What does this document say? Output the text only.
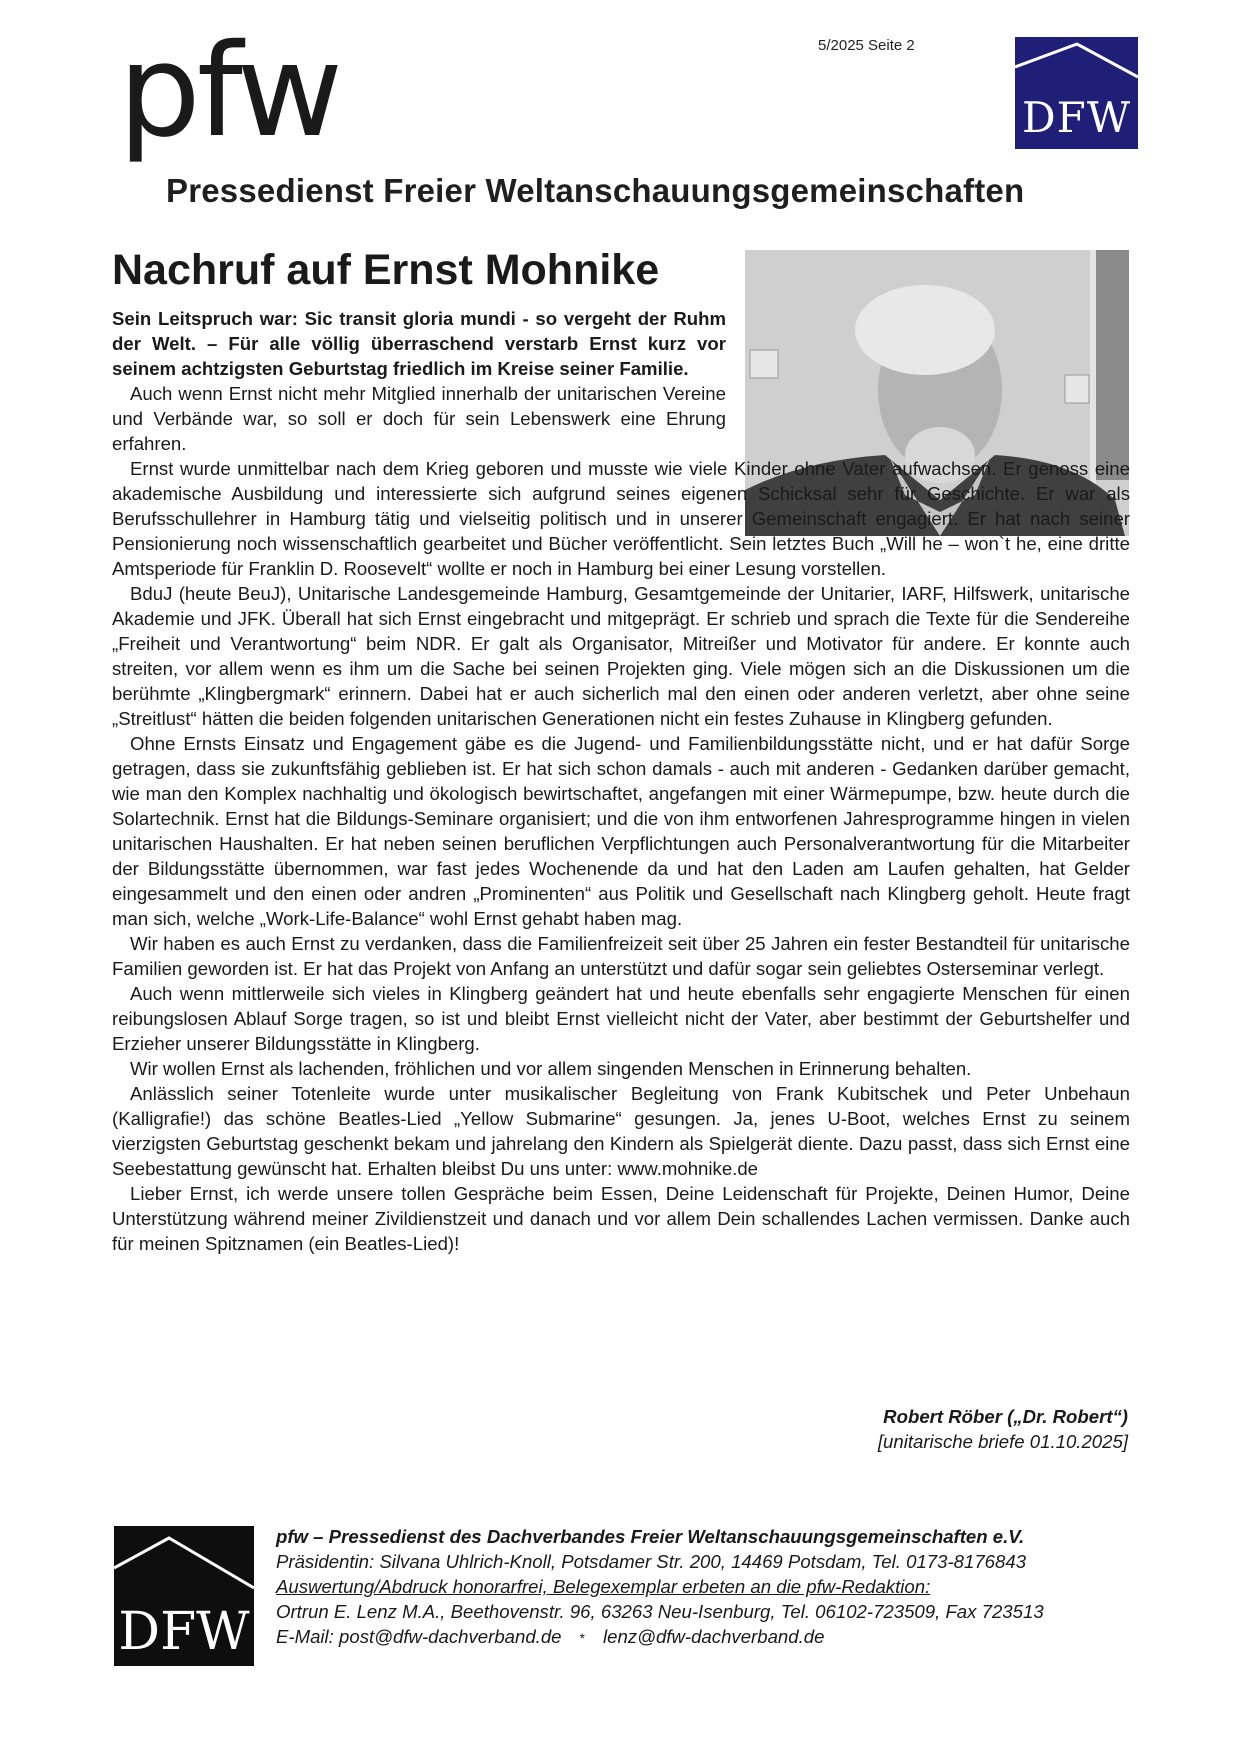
5/2025 Seite 2
pfw
Pressedienst Freier Weltanschauungsgemeinschaften
DFW
Nachruf auf Ernst Mohnike

Sein Leitspruch war: Sic transit gloria mundi - so vergeht der Ruhm der Welt. – Für alle völlig überraschend verstarb Ernst kurz vor seinem achtzigsten Geburtstag friedlich im Kreise seiner Familie.

Auch wenn Ernst nicht mehr Mitglied innerhalb der unitarischen Vereine und Verbände war, so soll er doch für sein Lebenswerk eine Ehrung erfahren.

Ernst wurde unmittelbar nach dem Krieg geboren und musste wie viele Kinder ohne Vater aufwachsen. Er genoss eine akademische Ausbildung und interessierte sich aufgrund seines eigenen Schicksal sehr für Geschichte. Er war als Berufsschullehrer in Hamburg tätig und vielseitig politisch und in unserer Gemeinschaft engagiert. Er hat nach seiner Pensionierung noch wissenschaftlich gearbeitet und Bücher veröffentlicht. Sein letztes Buch „Will he – won`t he, eine dritte Amtsperiode für Franklin D. Roosevelt“ wollte er noch in Hamburg bei einer Lesung vorstellen.

BduJ (heute BeuJ), Unitarische Landesgemeinde Hamburg, Gesamtgemeinde der Unitarier, IARF, Hilfswerk, unitarische Akademie und JFK. Überall hat sich Ernst eingebracht und mitgeprägt. Er schrieb und sprach die Texte für die Sendereihe „Freiheit und Verantwortung“ beim NDR. Er galt als Organisator, Mitreißer und Motivator für andere. Er konnte auch streiten, vor allem wenn es ihm um die Sache bei seinen Projekten ging. Viele mögen sich an die Diskussionen um die berühmte „Klingbergmark“ erinnern. Dabei hat er auch sicherlich mal den einen oder anderen verletzt, aber ohne seine „Streitlust“ hätten die beiden folgenden unitarischen Generationen nicht ein festes Zuhause in Klingberg gefunden.

Ohne Ernsts Einsatz und Engagement gäbe es die Jugend- und Familienbildungsstätte nicht, und er hat dafür Sorge getragen, dass sie zukunftsfähig geblieben ist. Er hat sich schon damals - auch mit anderen - Gedanken darüber gemacht, wie man den Komplex nachhaltig und ökologisch bewirtschaftet, angefangen mit einer Wärmepumpe, bzw. heute durch die Solartechnik. Ernst hat die Bildungs-Seminare organisiert; und die von ihm entworfenen Jahresprogramme hingen in vielen unitarischen Haushalten. Er hat neben seinen beruflichen Verpflichtungen auch Personalverantwortung für die Mitarbeiter der Bildungsstätte übernommen, war fast jedes Wochenende da und hat den Laden am Laufen gehalten, hat Gelder eingesammelt und den einen oder andren „Prominenten“ aus Politik und Gesellschaft nach Klingberg geholt. Heute fragt man sich, welche „Work-Life-Balance“ wohl Ernst gehabt haben mag.

Wir haben es auch Ernst zu verdanken, dass die Familienfreizeit seit über 25 Jahren ein fester Bestandteil für unitarische Familien geworden ist. Er hat das Projekt von Anfang an unterstützt und dafür sogar sein geliebtes Osterseminar verlegt.

Auch wenn mittlerweile sich vieles in Klingberg geändert hat und heute ebenfalls sehr engagierte Menschen für einen reibungslosen Ablauf Sorge tragen, so ist und bleibt Ernst vielleicht nicht der Vater, aber bestimmt der Geburtshelfer und Erzieher unserer Bildungsstätte in Klingberg.

Wir wollen Ernst als lachenden, fröhlichen und vor allem singenden Menschen in Erinnerung behalten.

Anlässlich seiner Totenleite wurde unter musikalischer Begleitung von Frank Kubitschek und Peter Unbehaun (Kalligrafie!) das schöne Beatles-Lied „Yellow Submarine“ gesungen. Ja, jenes U-Boot, welches Ernst zu seinem vierzigsten Geburtstag geschenkt bekam und jahrelang den Kindern als Spielgerät diente. Dazu passt, dass sich Ernst eine Seebestattung gewünscht hat. Erhalten bleibst Du uns unter: www.mohnike.de

Lieber Ernst, ich werde unsere tollen Gespräche beim Essen, Deine Leidenschaft für Projekte, Deinen Humor, Deine Unterstützung während meiner Zivildienstzeit und danach und vor allem Dein schallendes Lachen vermissen. Danke auch für meinen Spitznamen (ein Beatles-Lied)!

Robert Röber („Dr. Robert“)
[unitarische briefe 01.10.2025]
DFW
pfw – Pressedienst des Dachverbandes Freier Weltanschauungsgemeinschaften e.V.
Präsidentin: Silvana Uhlrich-Knoll, Potsdamer Str. 200, 14469 Potsdam, Tel. 0173-8176843
Auswertung/Abdruck honorarfrei, Belegexemplar erbeten an die pfw-Redaktion:
Ortrun E. Lenz M.A., Beethovenstr. 96, 63263 Neu-Isenburg, Tel. 06102-723509, Fax 723513
E-Mail: post@dfw-dachverband.de * lenz@dfw-dachverband.de
